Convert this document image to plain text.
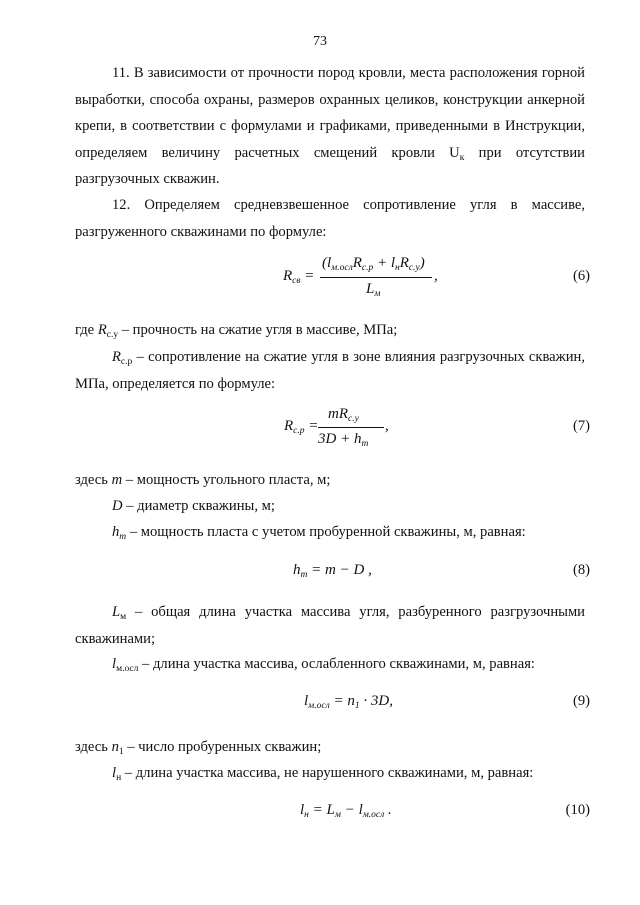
73
11. В зависимости от прочности пород кровли, места расположения горной выработки, способа охраны, размеров охранных целиков, конструкции анкерной крепи, в соответствии с формулами и графиками, приведенными в Инструкции, определяем величину расчетных смещений кровли $U_к$ при отсутствии разгрузочных скважин.
12. Определяем средневзвешенное сопротивление угля в массиве, разгруженного скважинами по формуле:
$R_{св}$ =
$(l_{м.осл}R_{с.р} + l_нR_{с.у})$
$L_м$
,	(6)
где $R_{с.у}$ – прочность на сжатие угля в массиве, МПа;
$R_{с.р}$ – сопротивление на сжатие угля в зоне влияния разгрузочных скважин, МПа, определяется по формуле:
$R_{с.р}$ =
$mR_{с.у}$
$3D + h_m$
,	(7)
здесь m – мощность угольного пласта, м;
D – диаметр скважины, м;
$h_m$ – мощность пласта с учетом пробуренной скважины, м, равная:
$h_m = m - D$ ,	(8)
$L_м$ – общая длина участка массива угля, разбуренного разгрузочными скважинами;
$l_{м.осл}$ – длина участка массива, ослабленного скважинами, м, равная:
$l_{м.осл} = n_1 \cdot 3D$,	(9)
здесь $n_1$ – число пробуренных скважин;
$l_н$ – длина участка массива, не нарушенного скважинами, м, равная:
$l_н = L_м - l_{м.осл}$ .	(10)
